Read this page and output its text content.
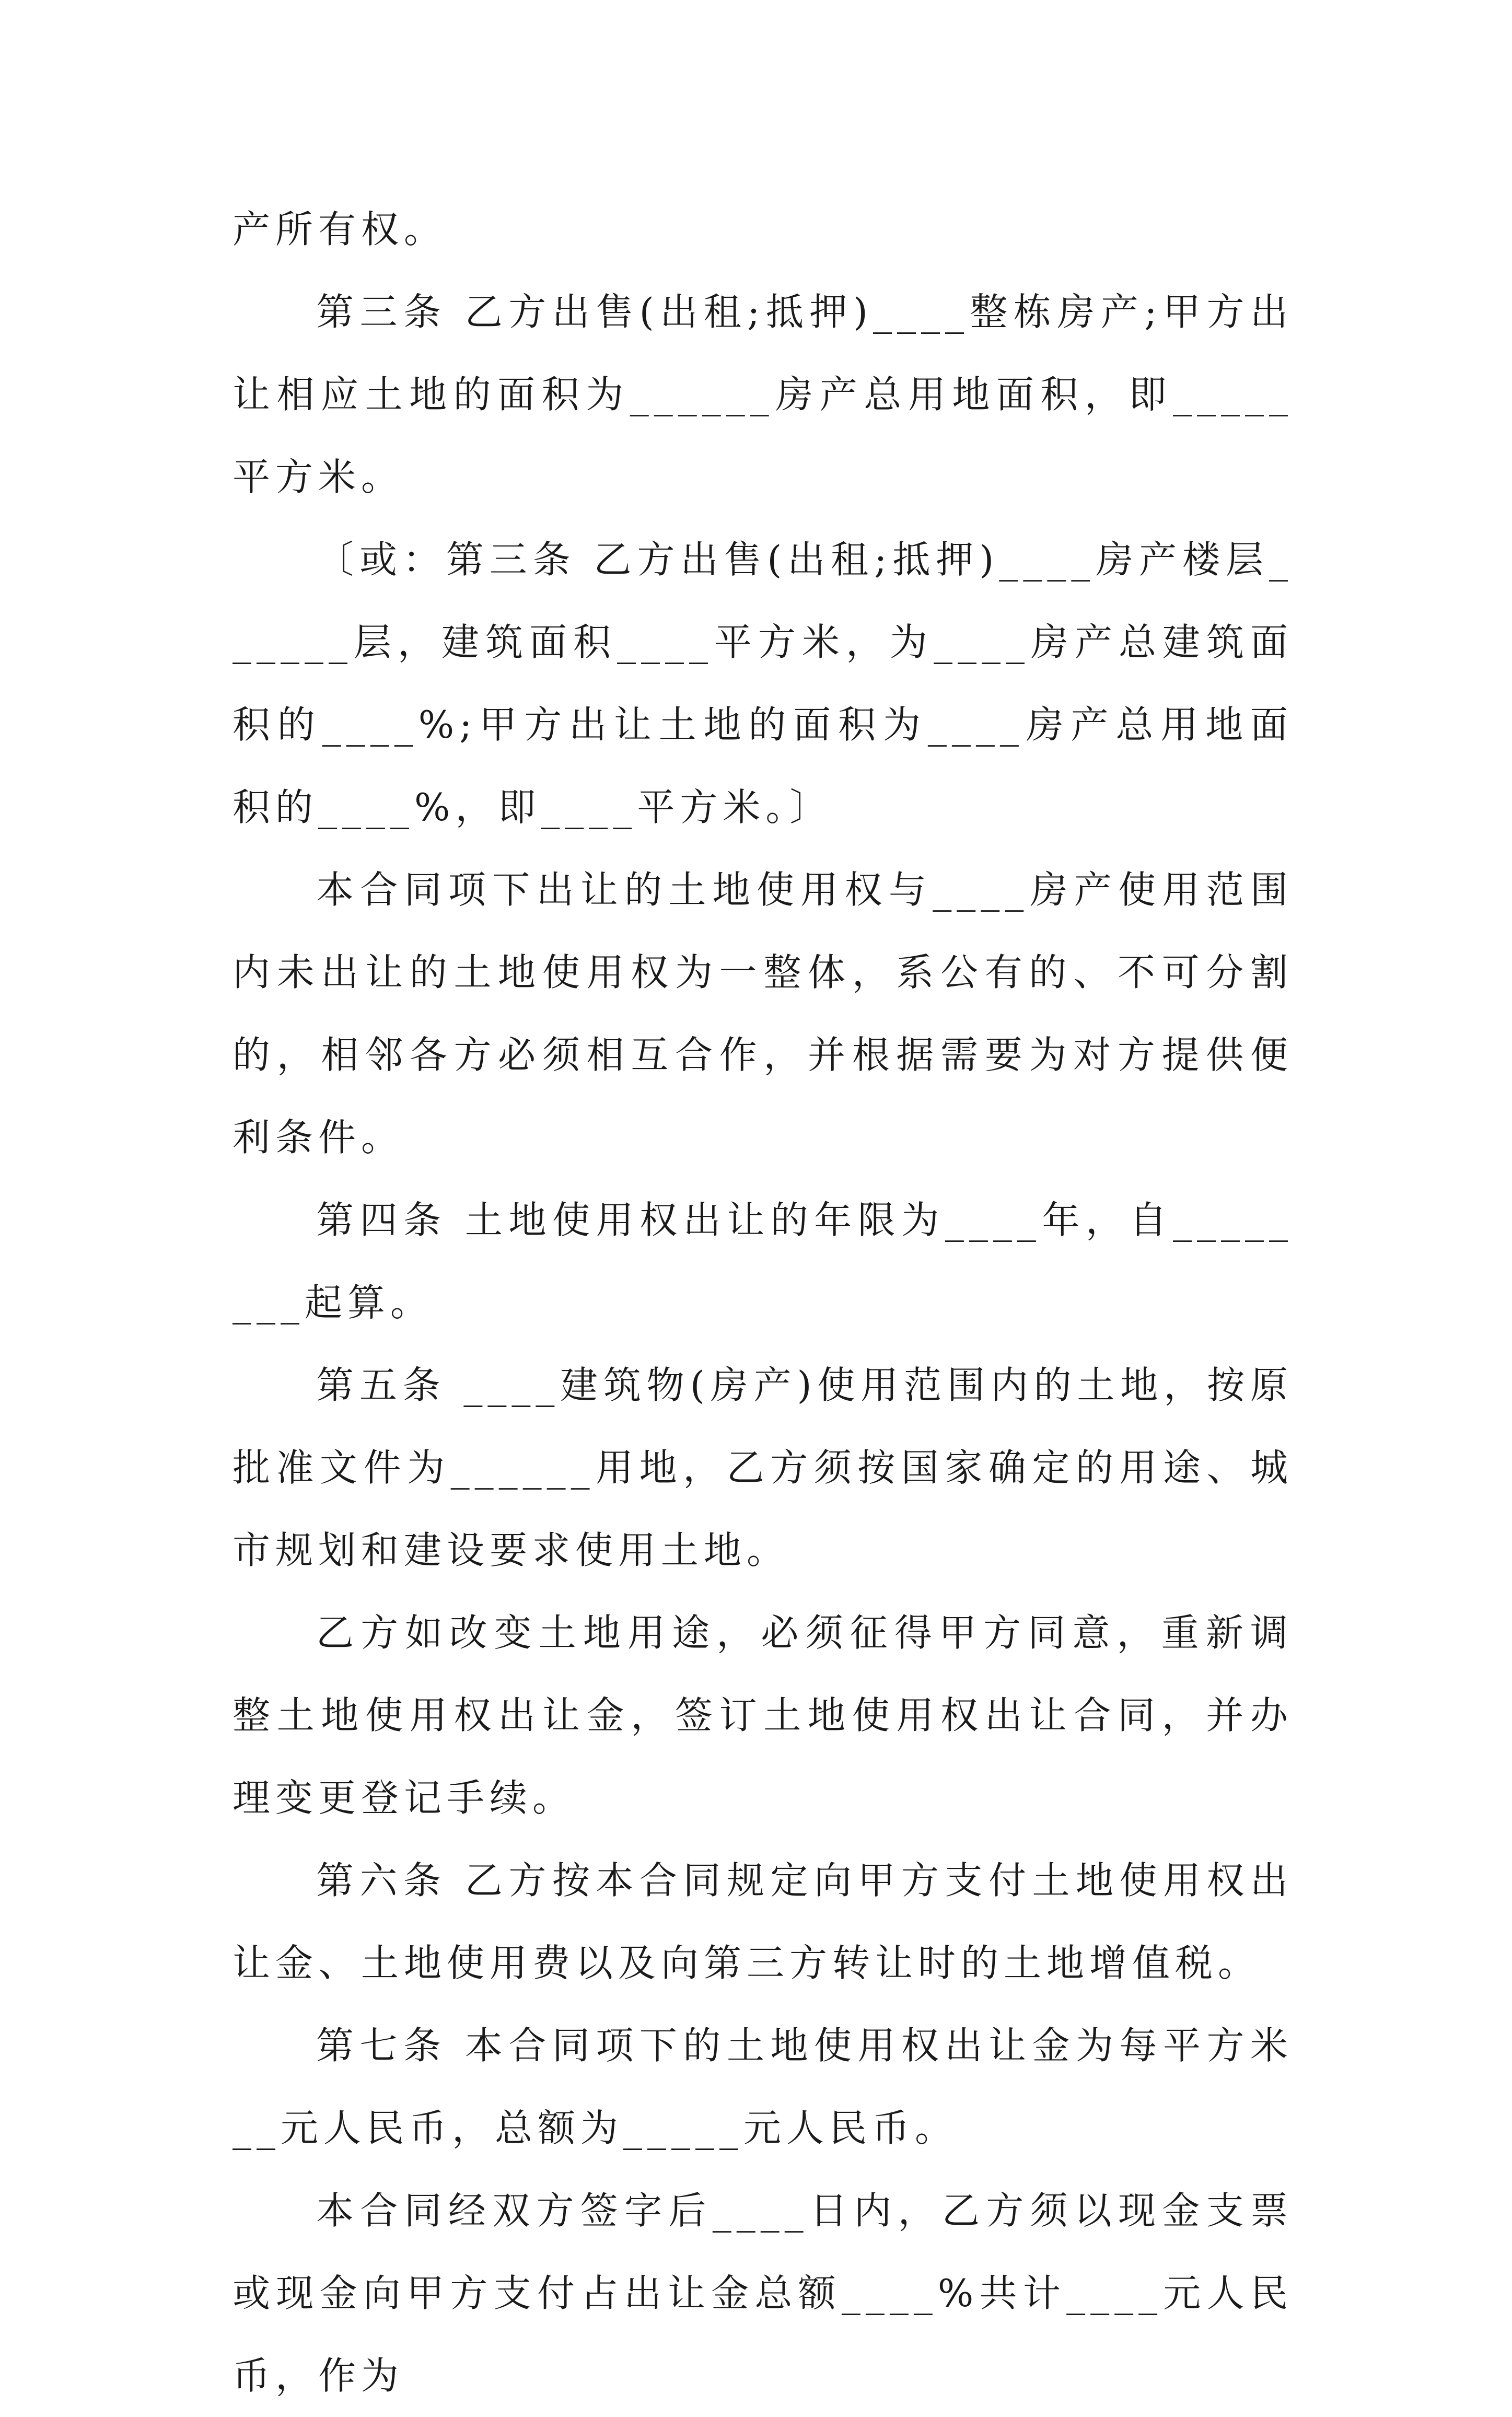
产所有权。

第三条 乙方出售(出租;抵押)____整栋房产;甲方出让相应土地的面积为______房产总用地面积，即_____平方米。

〔或：第三条 乙方出售(出租;抵押)____房产楼层______层，建筑面积____平方米，为____房产总建筑面积的____%;甲方出让土地的面积为____房产总用地面积的____%，即____平方米。〕

本合同项下出让的土地使用权与____房产使用范围内未出让的土地使用权为一整体，系公有的、不可分割的，相邻各方必须相互合作，并根据需要为对方提供便利条件。

第四条 土地使用权出让的年限为____年，自________起算。

第五条 ____建筑物(房产)使用范围内的土地，按原批准文件为______用地，乙方须按国家确定的用途、城市规划和建设要求使用土地。

乙方如改变土地用途，必须征得甲方同意，重新调整土地使用权出让金，签订土地使用权出让合同，并办理变更登记手续。

第六条 乙方按本合同规定向甲方支付土地使用权出让金、土地使用费以及向第三方转让时的土地增值税。

第七条 本合同项下的土地使用权出让金为每平方米__元人民币，总额为_____元人民币。

本合同经双方签字后____日内，乙方须以现金支票或现金向甲方支付占出让金总额____%共计____元人民币，作为
